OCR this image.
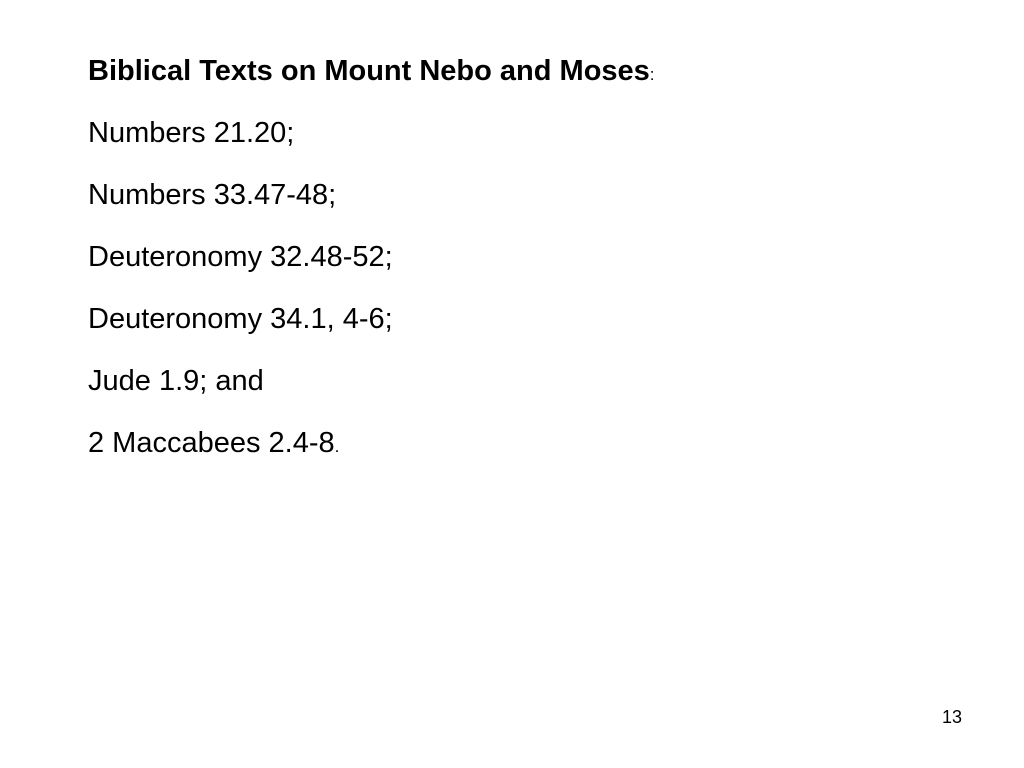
Biblical Texts on Mount Nebo and Moses:

Numbers 21.20;
Numbers 33.47-48;
Deuteronomy 32.48-52;
Deuteronomy 34.1, 4-6;
Jude 1.9; and
2 Maccabees 2.4-8.
13
